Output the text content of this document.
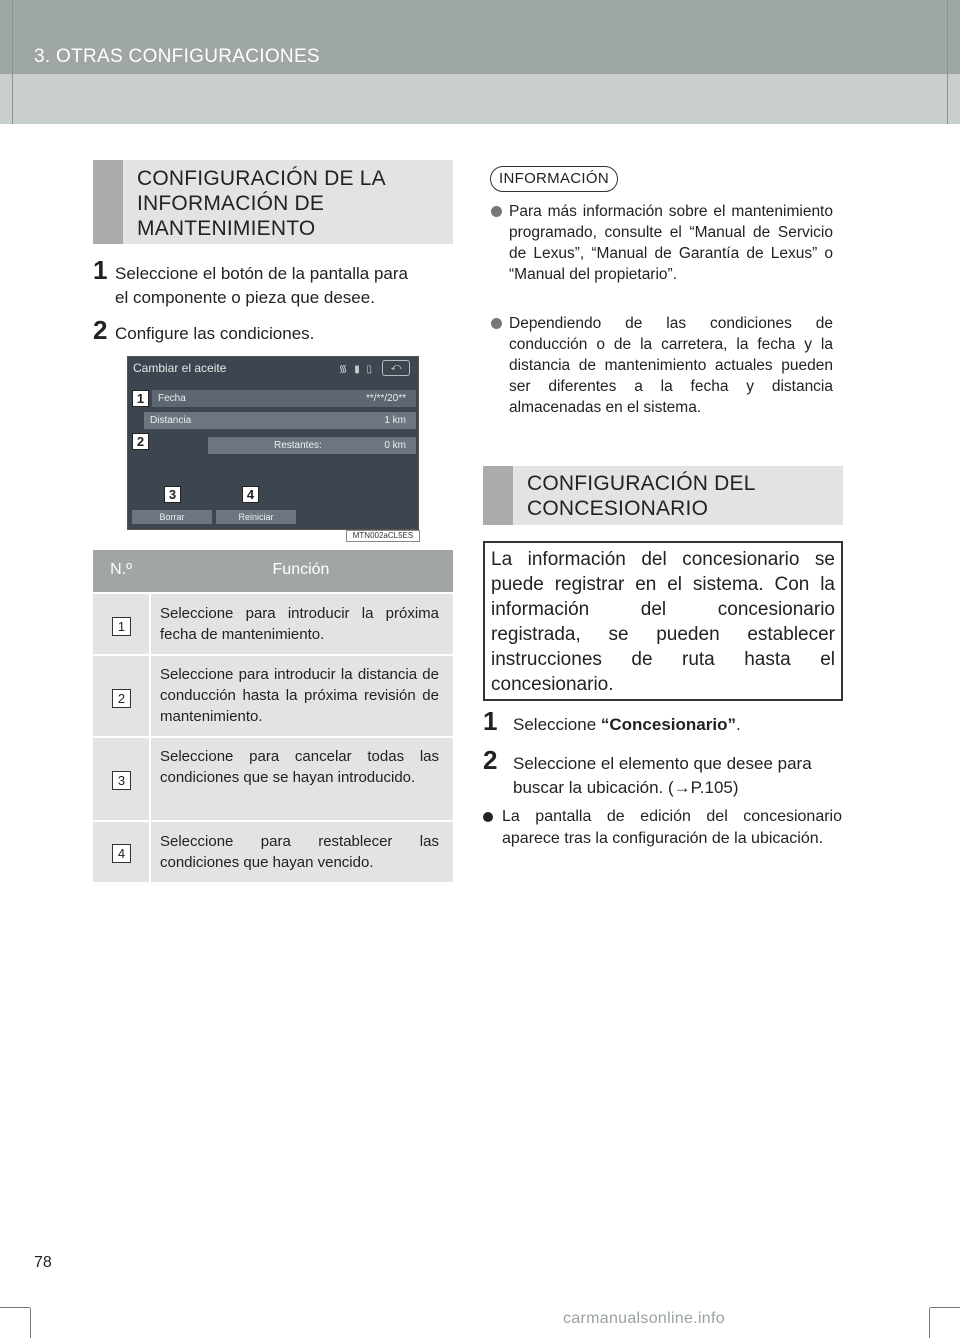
3. OTRAS CONFIGURACIONES
CONFIGURACIÓN DE LA
INFORMACIÓN DE
MANTENIMIENTO
1 Seleccione el botón de la pantalla para
el componente o pieza que desee.
2 Configure las condiciones.
Cambiar el aceite	᯾ ▮ ▯	⤺
Fecha	**/**/20**
Distancia	1 km
Restantes:	0 km
Borrar	Reiniciar
1
2
3	4
MTN002aCL5ES
N.º	Función
1
Seleccione para introducir la próxima fecha de mantenimiento.
2
Seleccione para introducir la distancia de conducción hasta la próxima revisión de mantenimiento.
3
Seleccione para cancelar todas las condiciones que se hayan introducido.
4
Seleccione para restablecer las condiciones que hayan vencido.
INFORMACIÓN
Para más información sobre el mantenimiento programado, consulte el “Manual de Servicio de Lexus”, “Manual de Garantía de Lexus” o “Manual del propietario”.
Dependiendo de las condiciones de conducción o de la carretera, la fecha y la distancia de mantenimiento actuales pueden ser diferentes a la fecha y distancia almacenadas en el sistema.
CONFIGURACIÓN DEL
CONCESIONARIO
La información del concesionario se puede registrar en el sistema. Con la información del concesionario registrada, se pueden establecer instrucciones de ruta hasta el concesionario.
1 Seleccione “Concesionario”.
2 Seleccione el elemento que desee para
buscar la ubicación. (→P.105)
La pantalla de edición del concesionario aparece tras la configuración de la ubicación.
78
carmanualsonline.info
